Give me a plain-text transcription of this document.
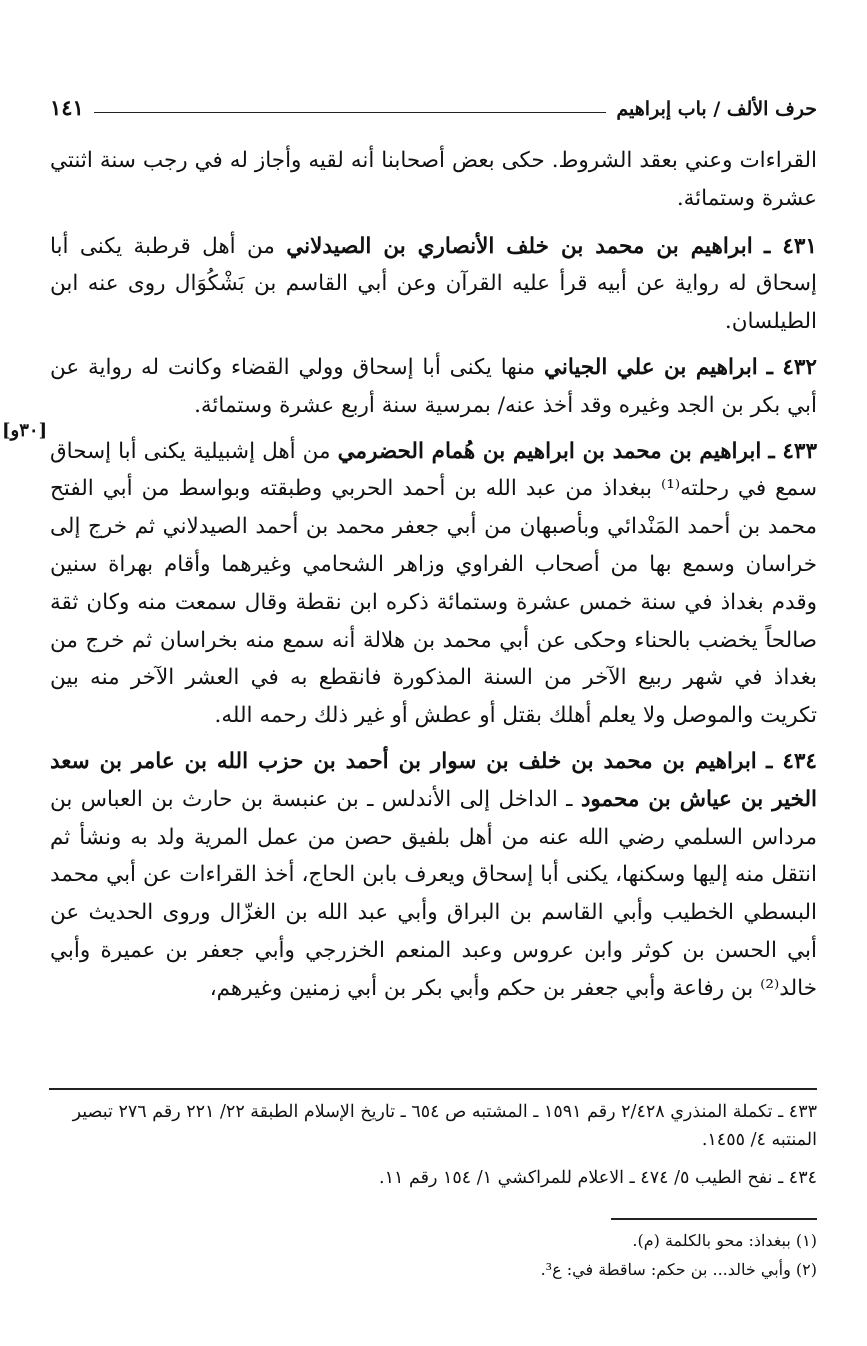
حرف الألف / باب إبراهيم
١٤١
[٣٠و]

القراءات وعني بعقد الشروط. حكى بعض أصحابنا أنه لقيه وأجاز له في رجب سنة اثنتي عشرة وستمائة.

٤٣١ ـ ابراهيم بن محمد بن خلف الأنصاري بن الصيدلاني من أهل قرطبة يكنى أبا إسحاق له رواية عن أبيه قرأ عليه القرآن وعن أبي القاسم بن بَشْكُوَال روى عنه ابن الطيلسان.

٤٣٢ ـ ابراهيم بن علي الجياني منها يكنى أبا إسحاق وولي القضاء وكانت له رواية عن أبي بكر بن الجد وغيره وقد أخذ عنه/ بمرسية سنة أربع عشرة وستمائة.

٤٣٣ ـ ابراهيم بن محمد بن ابراهيم بن هُمام الحضرمي من أهل إشبيلية يكنى أبا إسحاق سمع في رحلته⁽¹⁾ ببغداذ من عبد الله بن أحمد الحربي وطبقته وبواسط من أبي الفتح محمد بن أحمد المَنْدائي وبأصبهان من أبي جعفر محمد بن أحمد الصيدلاني ثم خرج إلى خراسان وسمع بها من أصحاب الفراوي وزاهر الشحامي وغيرهما وأقام بهراة سنين وقدم بغداذ في سنة خمس عشرة وستمائة ذكره ابن نقطة وقال سمعت منه وكان ثقة صالحاً يخضب بالحناء وحكى عن أبي محمد بن هلالة أنه سمع منه بخراسان ثم خرج من بغداذ في شهر ربيع الآخر من السنة المذكورة فانقطع به في العشر الآخر منه بين تكريت والموصل ولا يعلم أهلك بقتل أو عطش أو غير ذلك رحمه الله.

٤٣٤ ـ ابراهيم بن محمد بن خلف بن سوار بن أحمد بن حزب الله بن عامر بن سعد الخير بن عياش بن محمود ـ الداخل إلى الأندلس ـ بن عنبسة بن حارث بن العباس بن مرداس السلمي رضي الله عنه من أهل بلفيق حصن من عمل المرية ولد به ونشأ ثم انتقل منه إليها وسكنها، يكنى أبا إسحاق ويعرف بابن الحاج، أخذ القراءات عن أبي محمد البسطي الخطيب وأبي القاسم بن البراق وأبي عبد الله بن الغزّال وروى الحديث عن أبي الحسن بن كوثر وابن عروس وعبد المنعم الخزرجي وأبي جعفر بن عميرة وأبي خالد⁽²⁾ بن رفاعة وأبي جعفر بن حكم وأبي بكر بن أبي زمنين وغيرهم،

٤٣٣ ـ تكملة المنذري ٢/٤٢٨ رقم ١٥٩١ ـ المشتبه ص ٦٥٤ ـ تاريخ الإسلام الطبقة ٢٢/ ٢٢١ رقم ٢٧٦ تبصير المنتبه ٤/ ١٤٥٥.

٤٣٤ ـ نفح الطيب ٥/ ٤٧٤ ـ الاعلام للمراكشي ١/ ١٥٤ رقم ١١.

(١) ببغداذ: محو بالكلمة (م).

(٢) وأبي خالد... بن حكم: ساقطة في: ع³.
